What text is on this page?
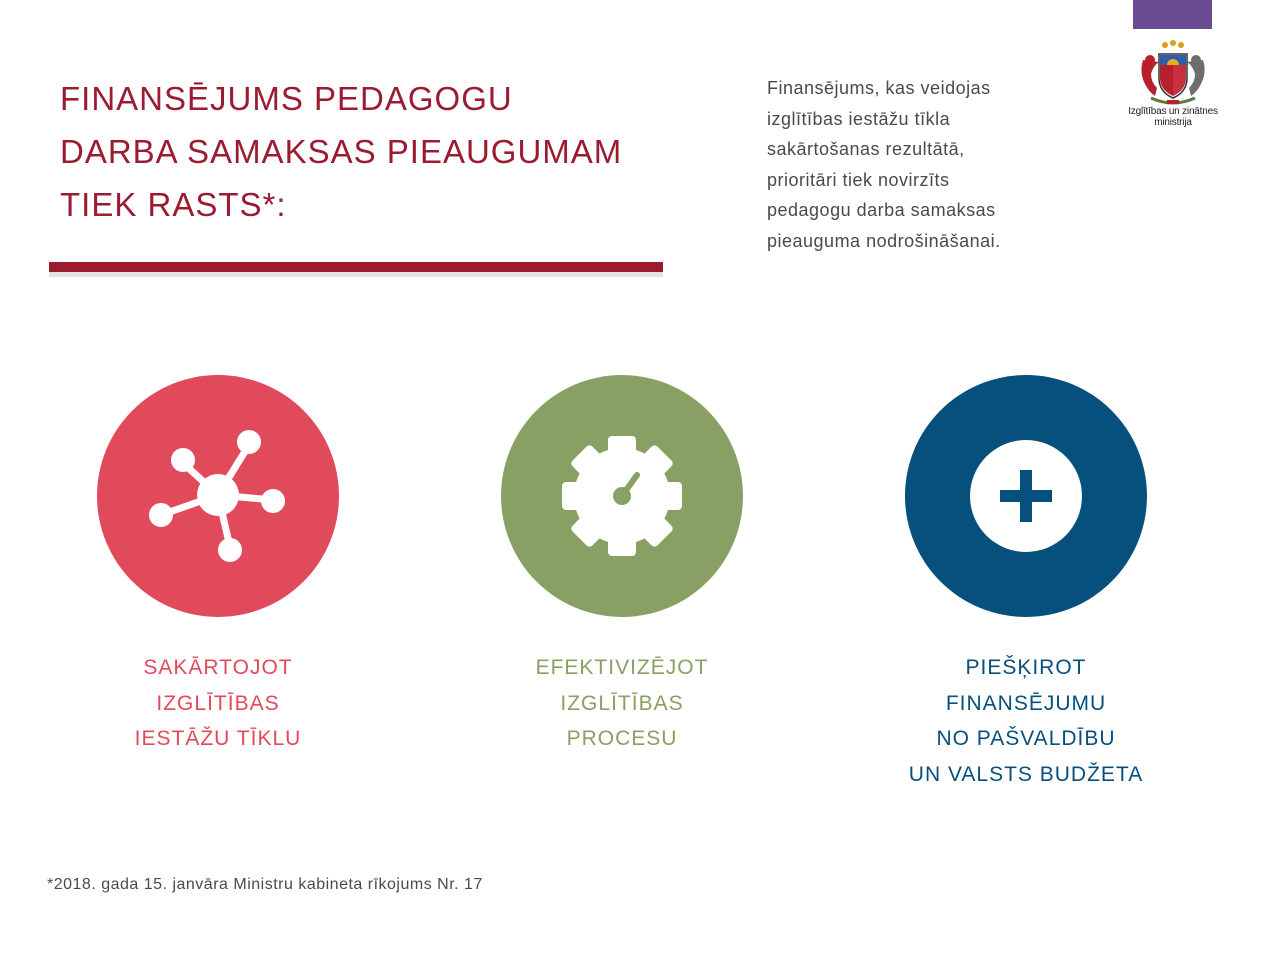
Izglītības un zinātnes
ministrija
FINANSĒJUMS PEDAGOGU
DARBA SAMAKSAS PIEAUGUMAM
TIEK RASTS*:

Finansējums, kas veidojas
izglītības iestāžu tīkla
sakārtošanas rezultātā,
prioritāri tiek novirzīts
pedagogu darba samaksas
pieauguma nodrošināšanai.

SAKĀRTOJOT
IZGLĪTĪBAS
IESTĀŽU TĪKLU
EFEKTIVIZĒJOT
IZGLĪTĪBAS
PROCESU
PIEŠĶIROT
FINANSĒJUMU
NO PAŠVALDĪBU
UN VALSTS BUDŽETA

*2018. gada 15. janvāra Ministru kabineta rīkojums Nr. 17
